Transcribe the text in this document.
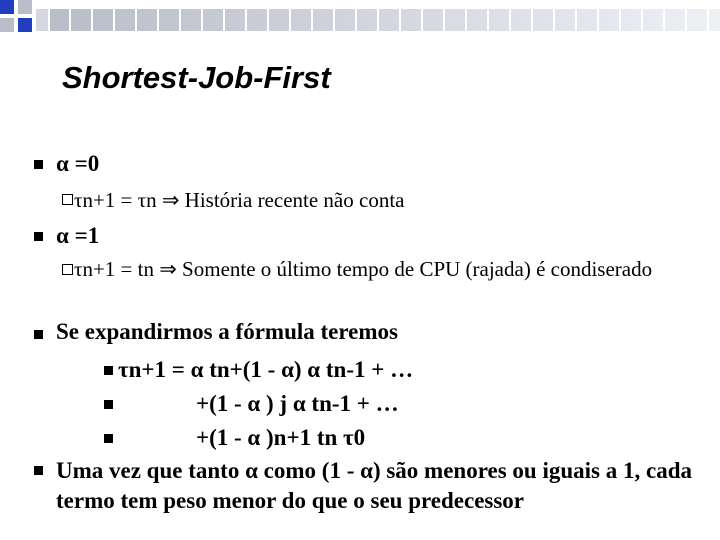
Shortest-Job-First
α =0
τn+1 = τn ⇒ História recente não conta
α =1
τn+1 = tn ⇒ Somente o último tempo de CPU (rajada) é condiserado
Se expandirmos a fórmula teremos
τn+1 = α tn+(1 - α) α tn-1 + …
+(1 - α ) j α tn-1 + …
+(1 - α )n+1 tn τ0
Uma vez que tanto α como (1 - α) são menores ou iguais a 1, cada termo tem peso menor do que o seu predecessor
